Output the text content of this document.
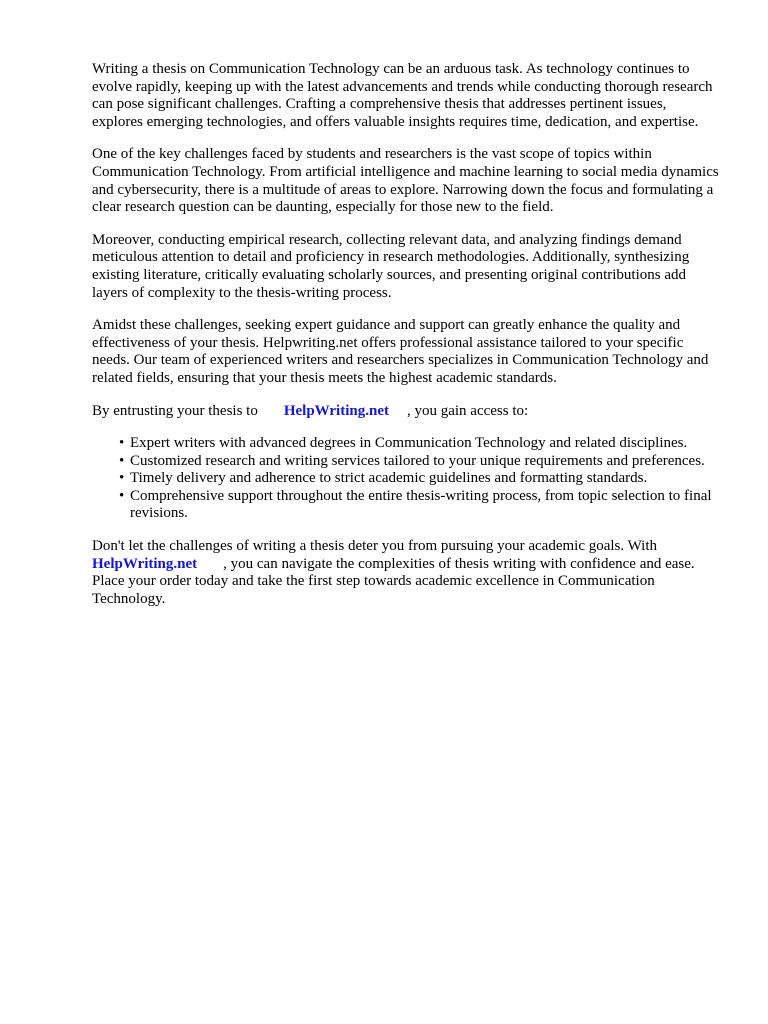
Writing a thesis on Communication Technology can be an arduous task. As technology continues to evolve rapidly, keeping up with the latest advancements and trends while conducting thorough research can pose significant challenges. Crafting a comprehensive thesis that addresses pertinent issues, explores emerging technologies, and offers valuable insights requires time, dedication, and expertise.

One of the key challenges faced by students and researchers is the vast scope of topics within Communication Technology. From artificial intelligence and machine learning to social media dynamics and cybersecurity, there is a multitude of areas to explore. Narrowing down the focus and formulating a clear research question can be daunting, especially for those new to the field.

Moreover, conducting empirical research, collecting relevant data, and analyzing findings demand meticulous attention to detail and proficiency in research methodologies. Additionally, synthesizing existing literature, critically evaluating scholarly sources, and presenting original contributions add layers of complexity to the thesis-writing process.

Amidst these challenges, seeking expert guidance and support can greatly enhance the quality and effectiveness of your thesis. Helpwriting.net offers professional assistance tailored to your specific needs. Our team of experienced writers and researchers specializes in Communication Technology and related fields, ensuring that your thesis meets the highest academic standards.

By entrusting your thesis to HelpWriting.net , you gain access to:

• Expert writers with advanced degrees in Communication Technology and related disciplines.
• Customized research and writing services tailored to your unique requirements and preferences.
• Timely delivery and adherence to strict academic guidelines and formatting standards.
• Comprehensive support throughout the entire thesis-writing process, from topic selection to final revisions.

Don't let the challenges of writing a thesis deter you from pursuing your academic goals. With
HelpWriting.net , you can navigate the complexities of thesis writing with confidence and ease. Place your order today and take the first step towards academic excellence in Communication Technology.
